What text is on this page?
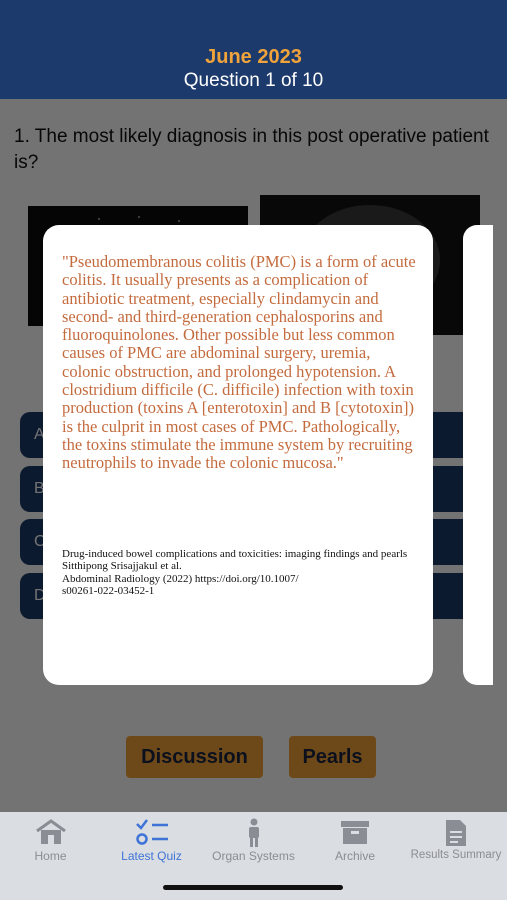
June 2023
Question 1 of 10
"Pseudomembranous colitis (PMC) is a form of acute colitis. It usually presents as a complication of antibiotic treatment, especially clindamycin and second- and third-generation cephalosporins and fluoroquinolones. Other possible but less common causes of PMC are abdominal surgery, uremia, colonic obstruction, and prolonged hypotension. A clostridium difficile (C. difficile) infection with toxin production (toxins A [enterotoxin] and B [cytotoxin]) is the culprit in most cases of PMC. Pathologically, the toxins stimulate the immune system by recruiting neutrophils to invade the colonic mucosa."
Drug-induced bowel complications and toxicities: imaging findings and pearls
Sitthipong Srisajjakul et al.
Abdominal Radiology (2022) https://doi.org/10.1007/
s00261-022-03452-1
Home	Latest Quiz	Organ Systems	Archive	Results Summary
